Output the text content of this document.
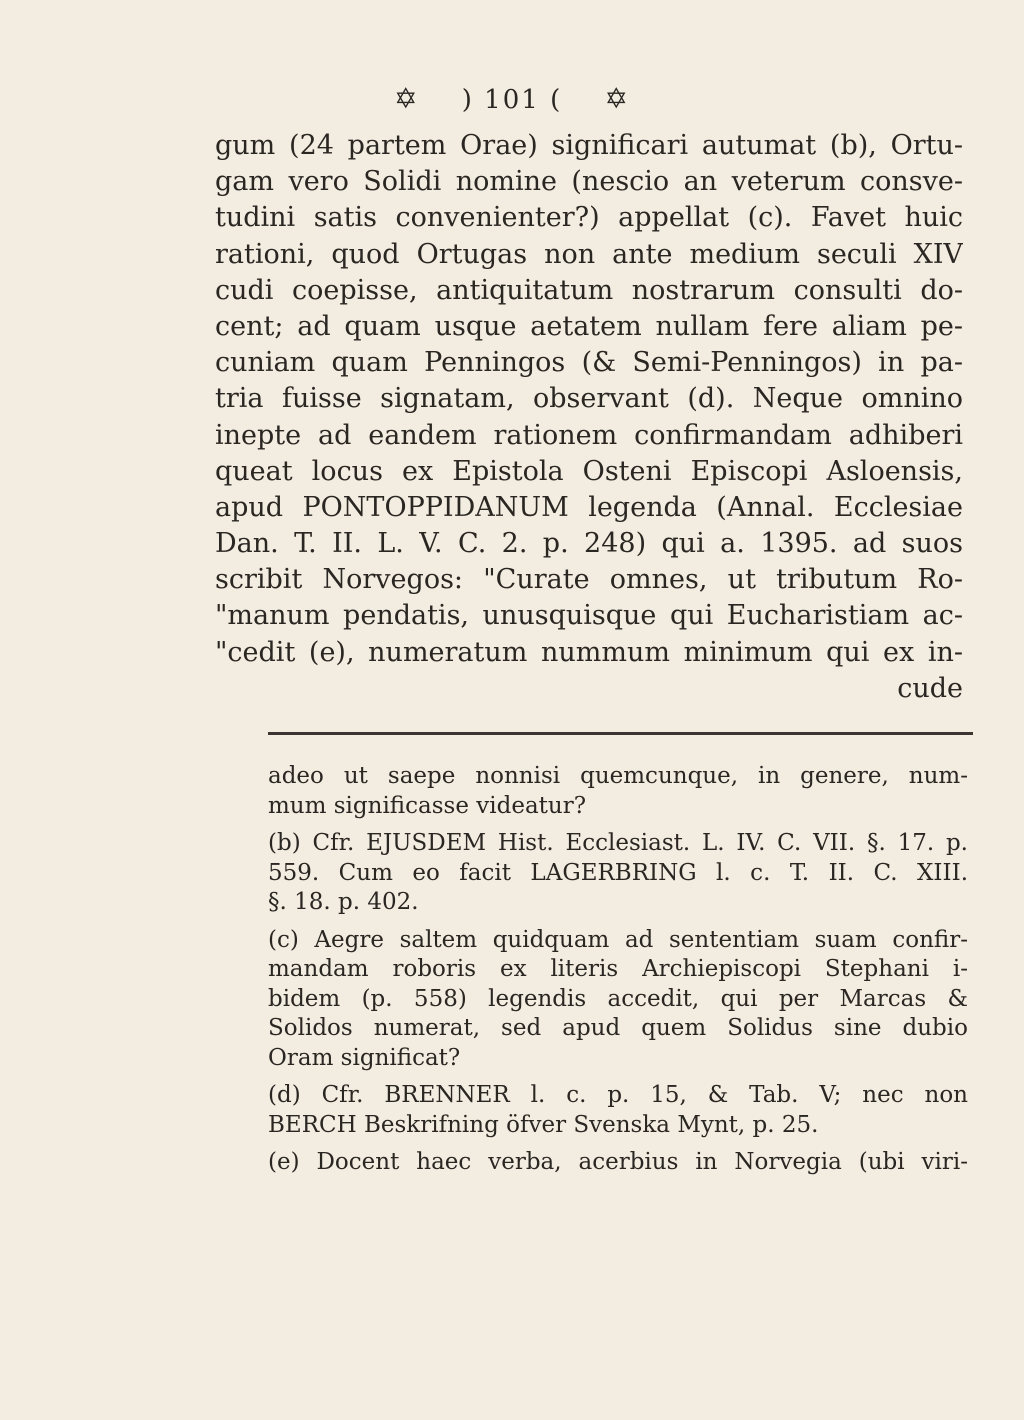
✡ ) 101 ( ✡
gum (24 partem Orae) significari autumat (b), Ortu-
gam vero Solidi nomine (nescio an veterum consve-
tudini satis convenienter?) appellat (c). Favet huic
rationi, quod Ortugas non ante medium seculi XIV
cudi coepisse, antiquitatum nostrarum consulti do-
cent; ad quam usque aetatem nullam fere aliam pe-
cuniam quam Penningos (& Semi-Penningos) in pa-
tria fuisse signatam, observant (d). Neque omnino
inepte ad eandem rationem confirmandam adhiberi
queat locus ex Epistola Osteni Episcopi Asloensis,
apud PONTOPPIDANUM legenda (Annal. Ecclesiae
Dan. T. II. L. V. C. 2. p. 248) qui a. 1395. ad suos
scribit Norvegos: "Curate omnes, ut tributum Ro-
"manum pendatis, unusquisque qui Eucharistiam ac-
"cedit (e), numeratum nummum minimum qui ex in-
cude
adeo ut saepe nonnisi quemcunque, in genere, num-
mum significasse videatur?
(b) Cfr. EJUSDEM Hist. Ecclesiast. L. IV. C. VII. §. 17. p.
559. Cum eo facit LAGERBRING l. c. T. II. C. XIII.
§. 18. p. 402.
(c) Aegre saltem quidquam ad sententiam suam confir-
mandam roboris ex literis Archiepiscopi Stephani i-
bidem (p. 558) legendis accedit, qui per Marcas &
Solidos numerat, sed apud quem Solidus sine dubio
Oram significat?
(d) Cfr. BRENNER l. c. p. 15, & Tab. V; nec non
BERCH Beskrifning öfver Svenska Mynt, p. 25.
(e) Docent haec verba, acerbius in Norvegia (ubi viri-
